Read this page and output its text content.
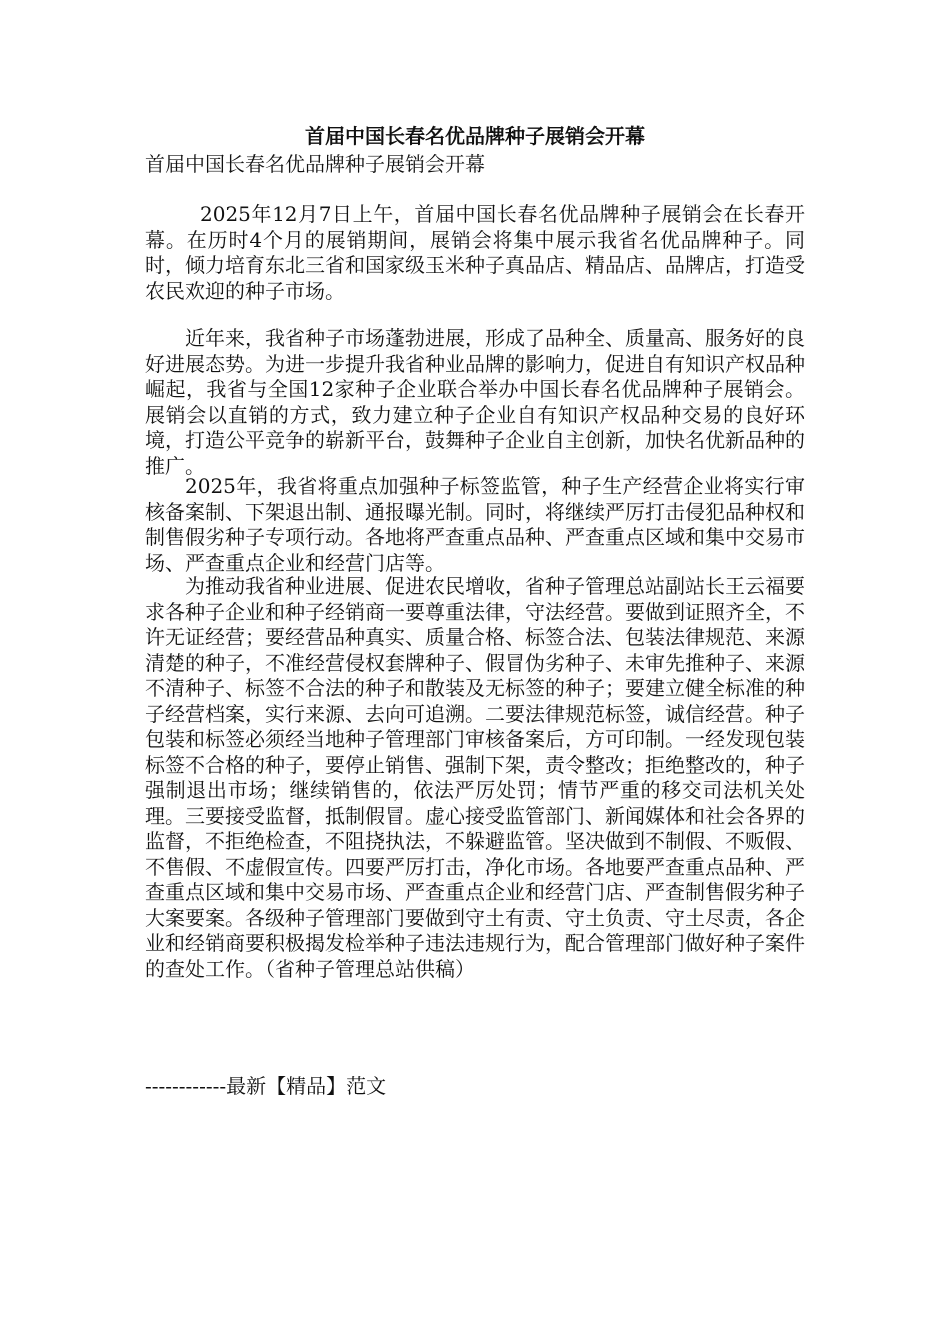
首届中国长春名优品牌种子展销会开幕
首届中国长春名优品牌种子展销会开幕

2025年12月7日上午，首届中国长春名优品牌种子展销会在长春开幕。在历时4个月的展销期间，展销会将集中展示我省名优品牌种子。同时，倾力培育东北三省和国家级玉米种子真品店、精品店、品牌店，打造受农民欢迎的种子市场。

近年来，我省种子市场蓬勃进展，形成了品种全、质量高、服务好的良好进展态势。为进一步提升我省种业品牌的影响力，促进自有知识产权品种崛起，我省与全国12家种子企业联合举办中国长春名优品牌种子展销会。展销会以直销的方式，致力建立种子企业自有知识产权品种交易的良好环境，打造公平竞争的崭新平台，鼓舞种子企业自主创新，加快名优新品种的推广。

2025年，我省将重点加强种子标签监管，种子生产经营企业将实行审核备案制、下架退出制、通报曝光制。同时，将继续严厉打击侵犯品种权和制售假劣种子专项行动。各地将严查重点品种、严查重点区域和集中交易市场、严查重点企业和经营门店等。

为推动我省种业进展、促进农民增收，省种子管理总站副站长王云福要求各种子企业和种子经销商一要尊重法律，守法经营。要做到证照齐全，不许无证经营；要经营品种真实、质量合格、标签合法、包装法律规范、来源清楚的种子，不准经营侵权套牌种子、假冒伪劣种子、未审先推种子、来源不清种子、标签不合法的种子和散装及无标签的种子；要建立健全标准的种子经营档案，实行来源、去向可追溯。二要法律规范标签，诚信经营。种子包装和标签必须经当地种子管理部门审核备案后，方可印制。一经发现包装标签不合格的种子，要停止销售、强制下架，责令整改；拒绝整改的，种子强制退出市场；继续销售的，依法严厉处罚；情节严重的移交司法机关处理。三要接受监督，抵制假冒。虚心接受监管部门、新闻媒体和社会各界的监督，不拒绝检查，不阻挠执法，不躲避监管。坚决做到不制假、不贩假、不售假、不虚假宣传。四要严厉打击，净化市场。各地要严查重点品种、严查重点区域和集中交易市场、严查重点企业和经营门店、严查制售假劣种子大案要案。各级种子管理部门要做到守土有责、守土负责、守土尽责，各企业和经销商要积极揭发检举种子违法违规行为，配合管理部门做好种子案件的查处工作。（省种子管理总站供稿）

------------最新【精品】范文
